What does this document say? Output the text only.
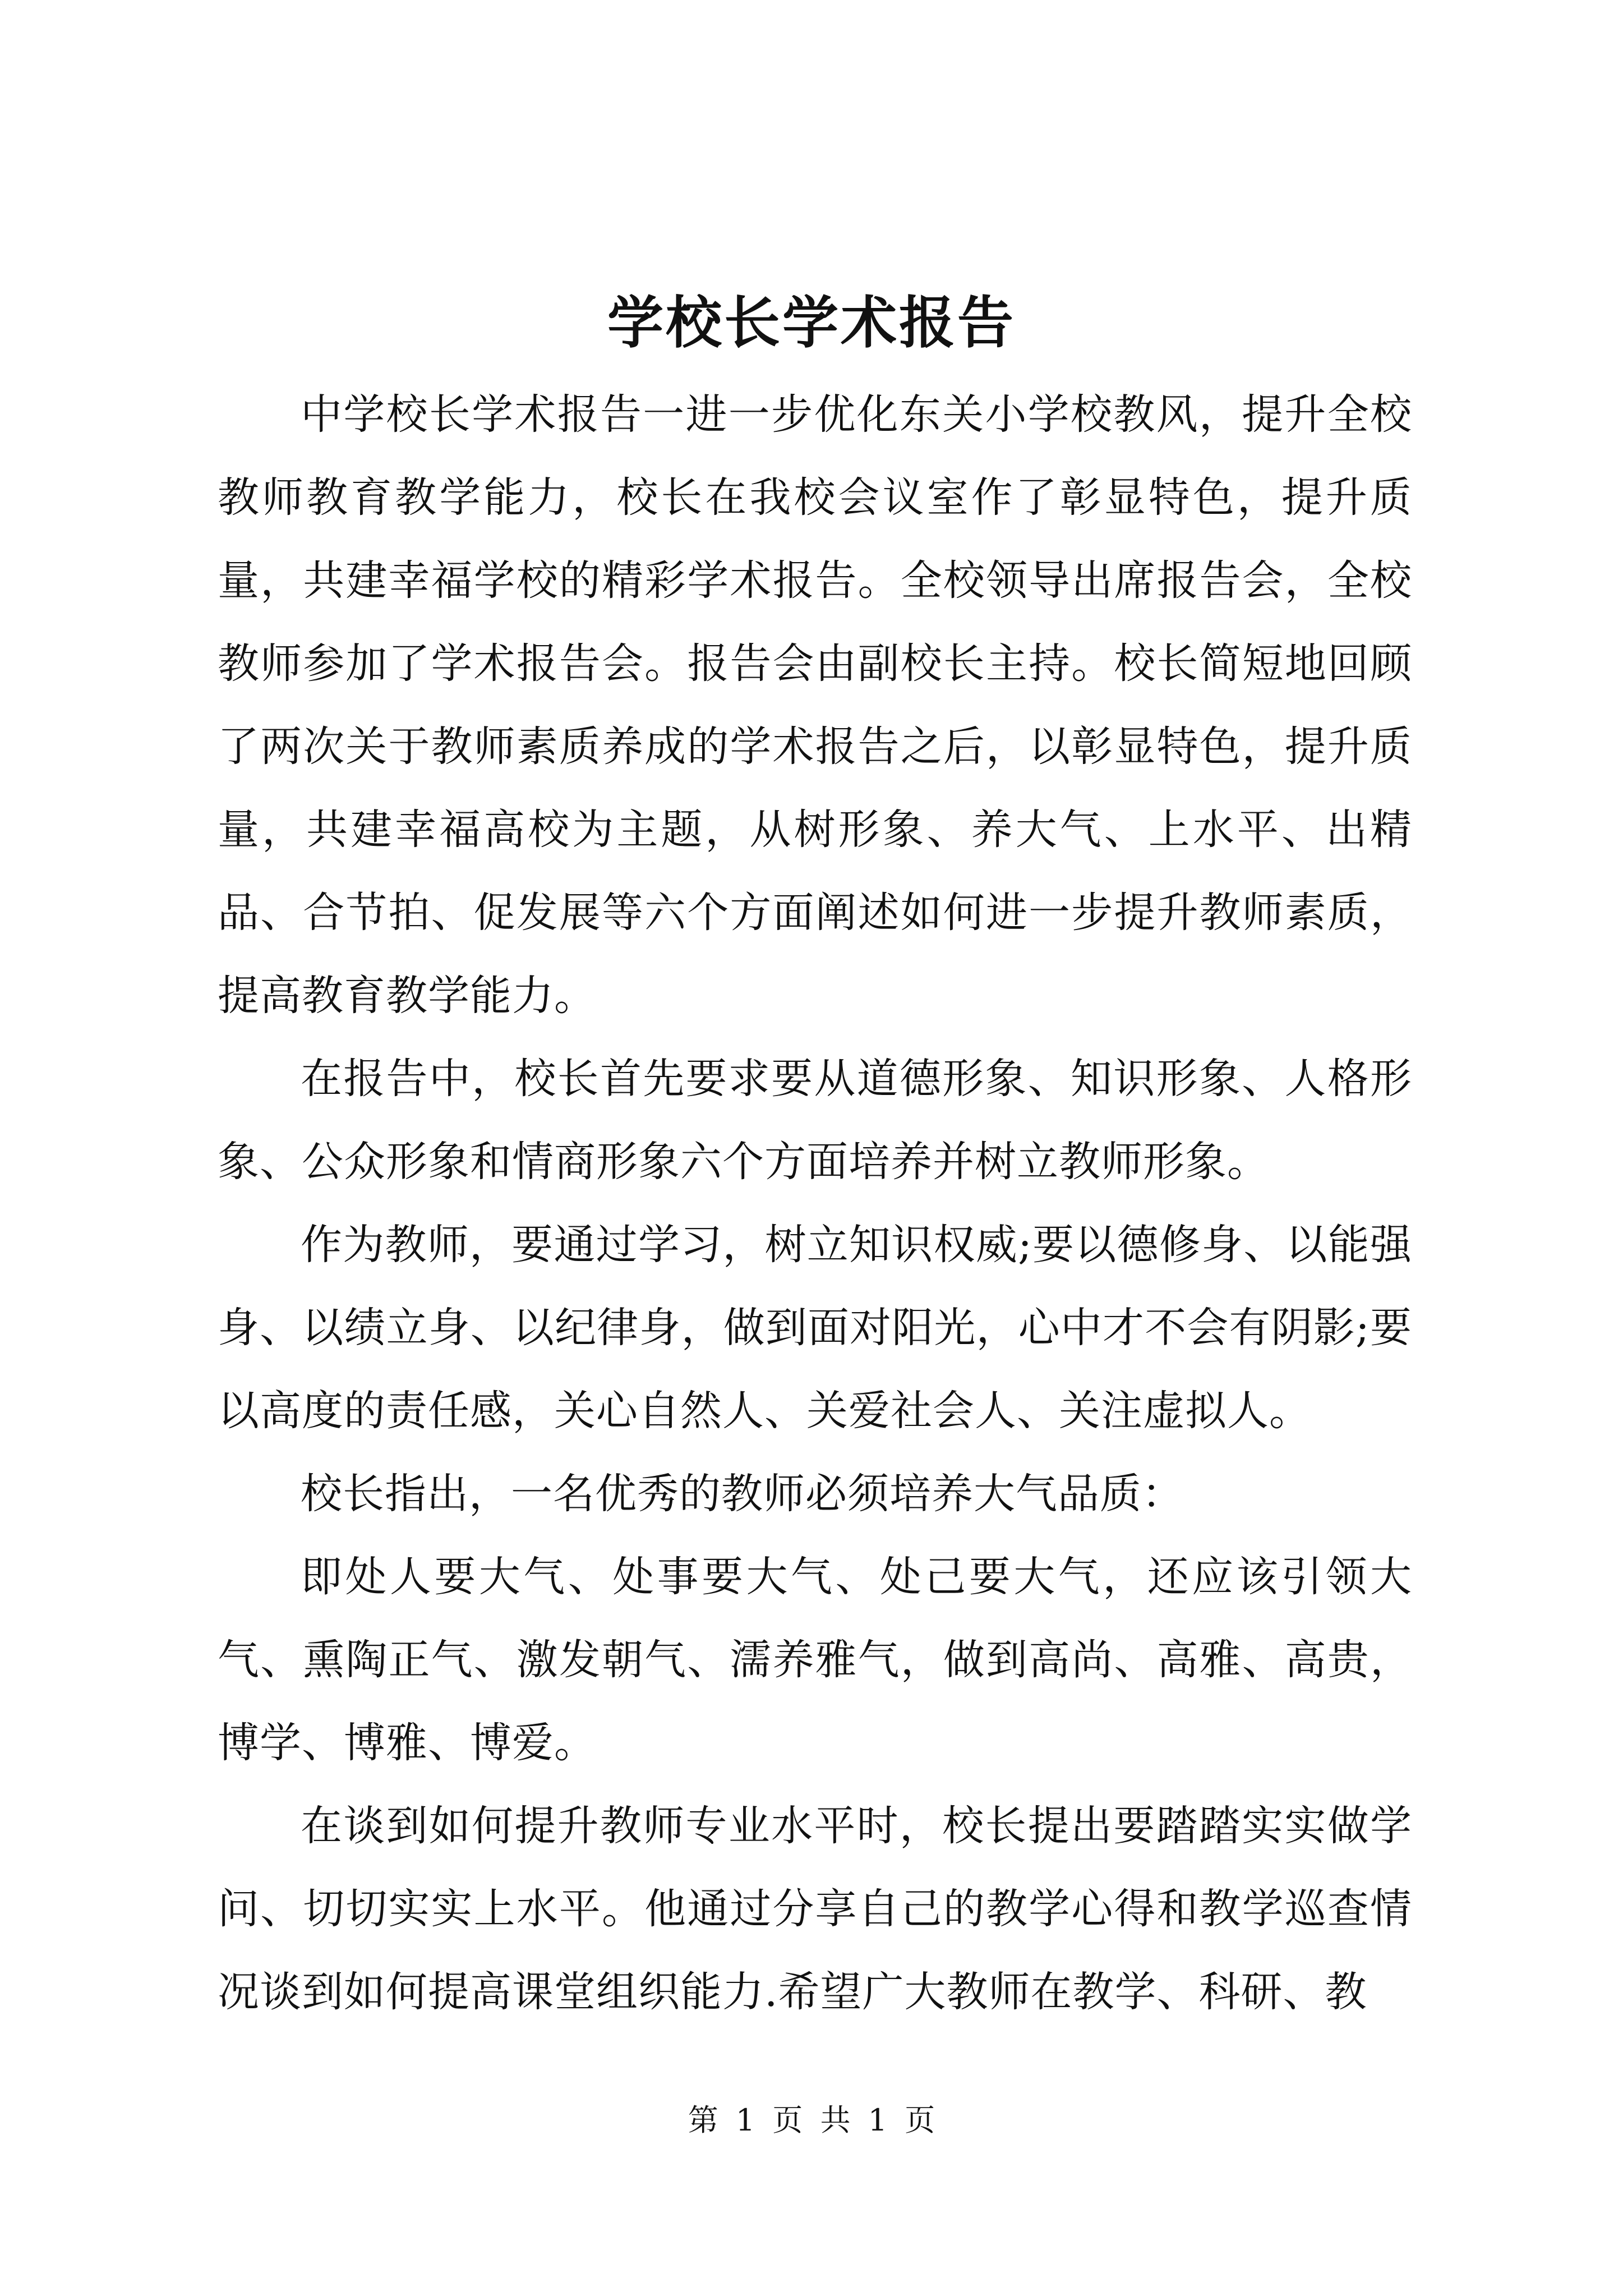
学校长学术报告

中学校长学术报告一进一步优化东关小学校教风，提升全校教师教育教学能力，校长在我校会议室作了彰显特色，提升质量，共建幸福学校的精彩学术报告。全校领导出席报告会，全校教师参加了学术报告会。报告会由副校长主持。校长简短地回顾了两次关于教师素质养成的学术报告之后，以彰显特色，提升质量，共建幸福高校为主题，从树形象、养大气、上水平、出精品、合节拍、促发展等六个方面阐述如何进一步提升教师素质，提高教育教学能力。

在报告中，校长首先要求要从道德形象、知识形象、人格形象、公众形象和情商形象六个方面培养并树立教师形象。

作为教师，要通过学习，树立知识权威;要以德修身、以能强身、以绩立身、以纪律身，做到面对阳光，心中才不会有阴影;要以高度的责任感，关心自然人、关爱社会人、关注虚拟人。

校长指出，一名优秀的教师必须培养大气品质：

即处人要大气、处事要大气、处己要大气，还应该引领大气、熏陶正气、激发朝气、濡养雅气，做到高尚、高雅、高贵，博学、博雅、博爱。

在谈到如何提升教师专业水平时，校长提出要踏踏实实做学问、切切实实上水平。他通过分享自己的教学心得和教学巡查情况谈到如何提高课堂组织能力.希望广大教师在教学、科研、教

第 1 页 共 1 页
